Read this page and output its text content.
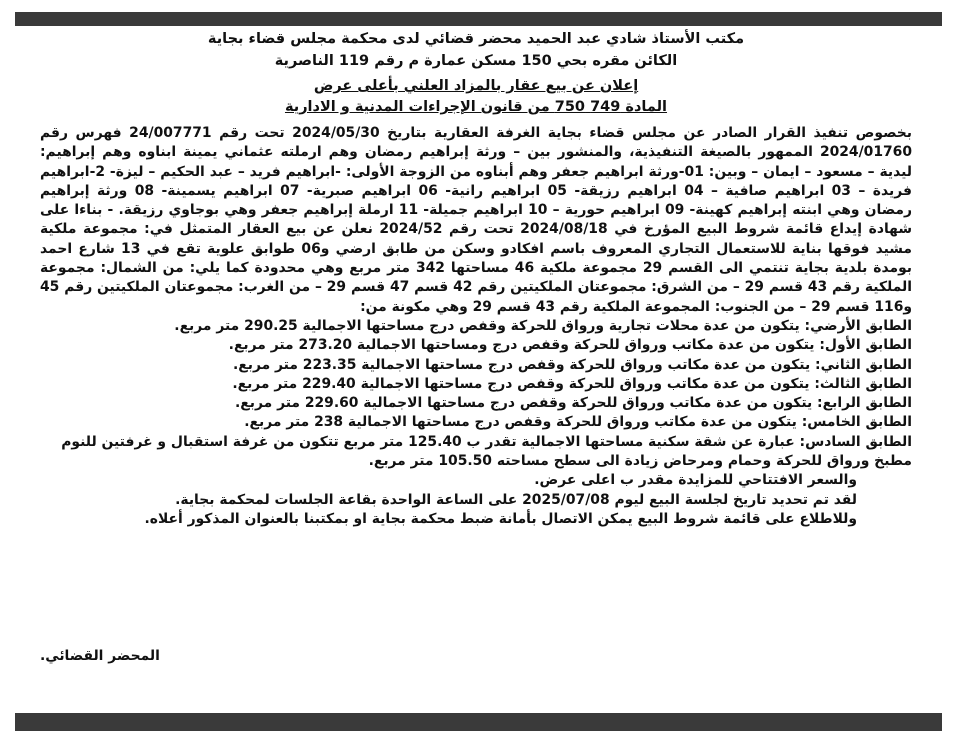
مكتب الأستاذ شادي عبد الحميد محضر قضائي لدى محكمة مجلس قضاء بجاية
الكائن مقره بحي 150 مسكن عمارة م رقم 119 الناصرية
إعلان عن بيع عقار بالمزاد العلني بأعلى عرض
المادة 749 750 من قانون الإجراءات المدنية و الادارية
بخصوص تنفيذ القرار الصادر عن مجلس قضاء بجاية الغرفة العقارية بتاريخ 2024/05/30 تحت رقم 24/007771 فهرس رقم 2024/01760 الممهور بالصيغة التنفيذية، والمنشور بين – ورثة إبراهيم رمضان وهم ارملته عثماني يمينة ابناوه وهم إبراهيم: ليدية – مسعود – ايمان – وبين: 01-ورثة ابراهيم جعفر وهم أبناوه من الزوجة الأولى: -ابراهيم فريد – عبد الحكيم – ليزة- 2-ابراهيم فريدة – 03 ابراهيم صافية – 04 ابراهيم رزيقة- 05 ابراهيم رانية- 06 ابراهيم صبرية- 07 ابراهيم يسمينة- 08 ورثة إبراهيم رمضان وهي ابنته إبراهيم كهينة- 09 ابراهيم حورية – 10 ابراهيم جميلة- 11 ارملة إبراهيم جعفر وهي بوجاوي رزيقة. - بناءا على شهادة إيداع قائمة شروط البيع المؤرخ في 2024/08/18 تحت رقم 2024/52 نعلن عن بيع العقار المتمثل في: مجموعة ملكية مشيد فوقها بناية للاستعمال التجاري المعروف باسم افكادو وسكن من طابق ارضي و06 طوابق علوية تقع في 13 شارع احمد بومدة بلدية بجاية تنتمي الى القسم 29 مجموعة ملكية 46 مساحتها 342 متر مربع وهي محدودة كما يلي: من الشمال: مجموعة الملكية رقم 43 قسم 29 – من الشرق: مجموعتان الملكيتين رقم 42 قسم 47 قسم 29 – من الغرب: مجموعتان الملكيتين رقم 45 و116 قسم 29 – من الجنوب: المجموعة الملكية رقم 43 قسم 29 وهي مكونة من:
الطابق الأرضي: يتكون من عدة محلات تجارية ورواق للحركة وقفص درج مساحتها الاجمالية 290.25 متر مربع.
الطابق الأول: يتكون من عدة مكاتب ورواق للحركة وقفص درج ومساحتها الاجمالية 273.20 متر مربع.
الطابق الثاني: يتكون من عدة مكاتب ورواق للحركة وقفص درج مساحتها الاجمالية 223.35 متر مربع.
الطابق الثالث: يتكون من عدة مكاتب ورواق للحركة وقفص درج مساحتها الاجمالية 229.40 متر مربع.
الطابق الرابع: يتكون من عدة مكاتب ورواق للحركة وقفص درج مساحتها الاجمالية 229.60 متر مربع.
الطابق الخامس: يتكون من عدة مكاتب ورواق للحركة وقفص درج مساحتها الاجمالية 238 متر مربع.
الطابق السادس: عبارة عن شقة سكنية مساحتها الاجمالية تقدر ب 125.40 متر مربع تتكون من غرفة استقبال و غرفتين للنوم مطبخ ورواق للحركة وحمام ومرحاض زيادة الى سطح مساحته 105.50 متر مربع.
والسعر الافتتاحي للمزايدة مقدر ب اعلى عرض.
لقد تم تحديد تاريخ لجلسة البيع ليوم 2025/07/08 على الساعة الواحدة بقاعة الجلسات لمحكمة بجاية.
وللاطلاع على قائمة شروط البيع يمكن الاتصال بأمانة ضبط محكمة بجاية او بمكتبنا بالعنوان المذكور أعلاه.
المحضر القضائي.
